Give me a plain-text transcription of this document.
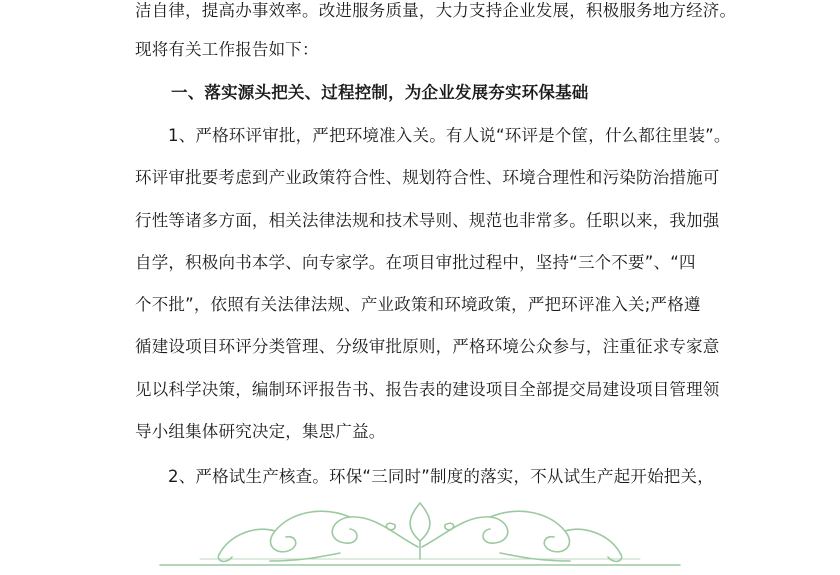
洁自律，提高办事效率。改进服务质量，大力支持企业发展，积极服务地方经济。
现将有关工作报告如下：
一、落实源头把关、过程控制，为企业发展夯实环保基础
1、严格环评审批，严把环境准入关。有人说“环评是个筐，什么都往里装”。
环评审批要考虑到产业政策符合性、规划符合性、环境合理性和污染防治措施可
行性等诸多方面，相关法律法规和技术导则、规范也非常多。任职以来，我加强
自学，积极向书本学、向专家学。在项目审批过程中，坚持“三个不要”、“四
个不批”，依照有关法律法规、产业政策和环境政策，严把环评准入关;严格遵
循建设项目环评分类管理、分级审批原则，严格环境公众参与，注重征求专家意
见以科学决策，编制环评报告书、报告表的建设项目全部提交局建设项目管理领
导小组集体研究决定，集思广益。
2、严格试生产核查。环保“三同时”制度的落实，不从试生产起开始把关，
